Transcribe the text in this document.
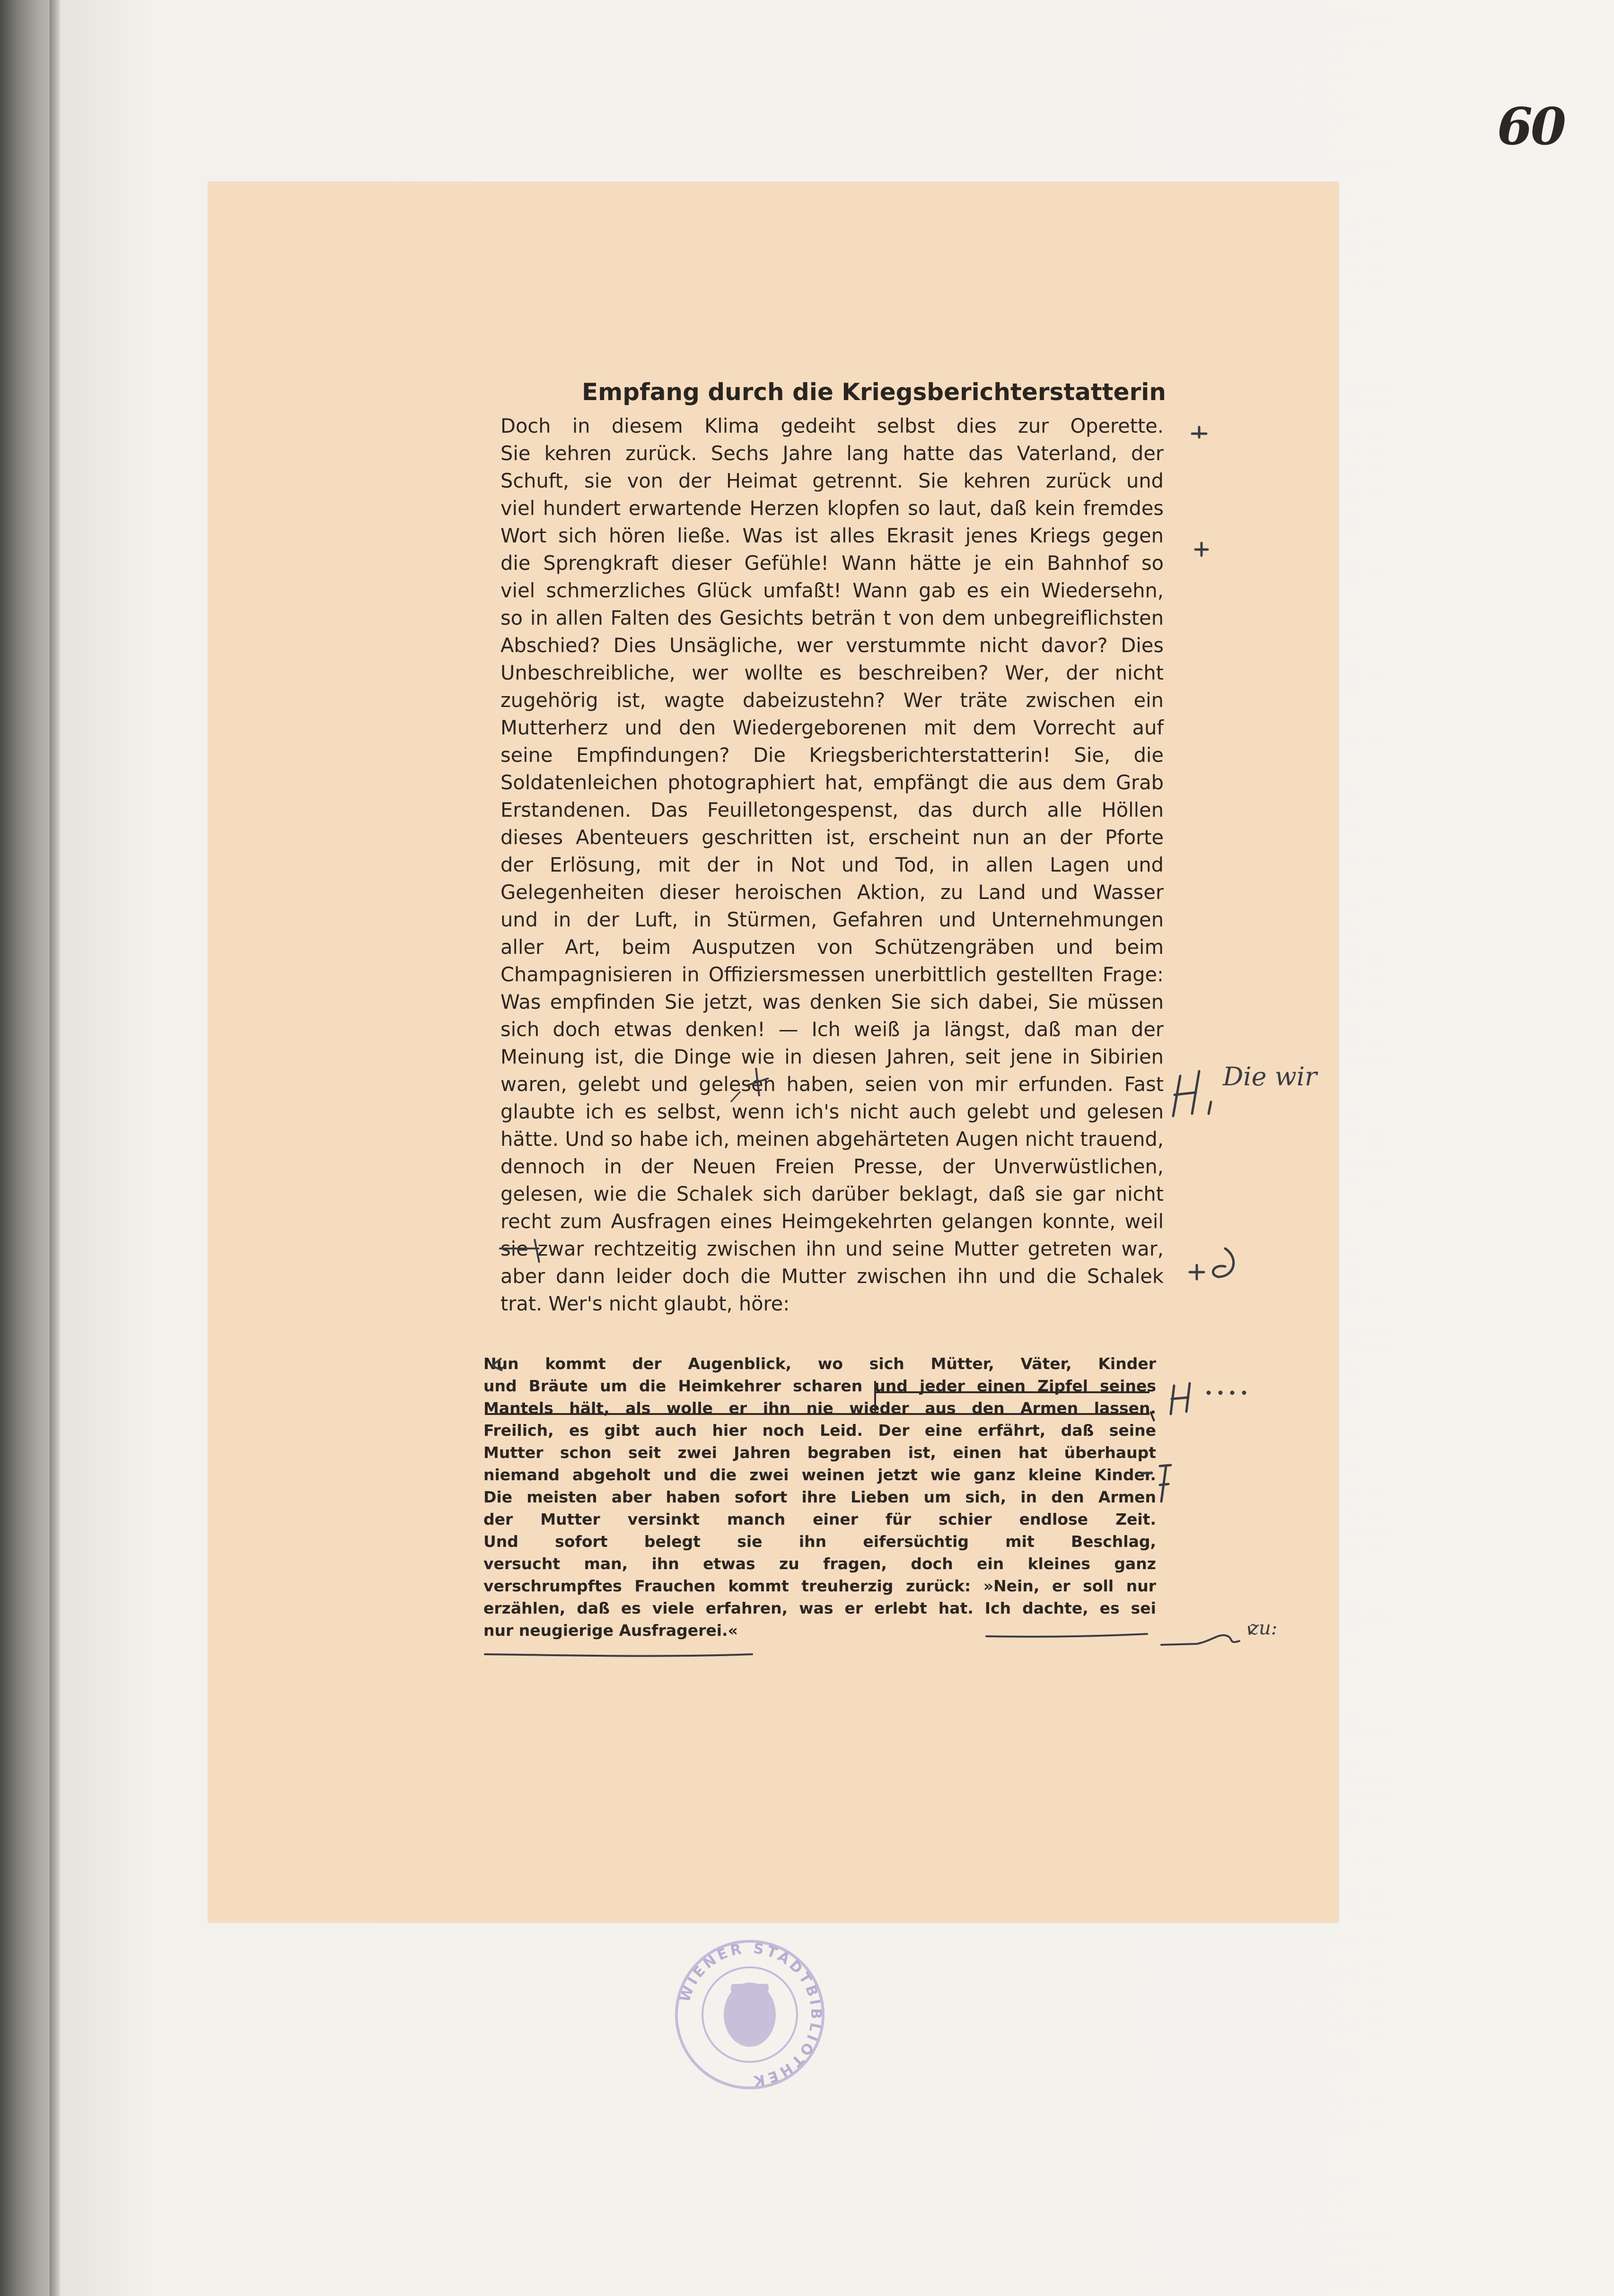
60
Empfang durch die Kriegsberichterstatterin
Doch in diesem Klima gedeiht selbst dies zur Operette.
Sie kehren zurück. Sechs Jahre lang hatte das Vaterland, der
Schuft, sie von der Heimat getrennt. Sie kehren zurück und
viel hundert erwartende Herzen klopfen so laut, daß kein fremdes
Wort sich hören ließe. Was ist alles Ekrasit jenes Kriegs gegen
die Sprengkraft dieser Gefühle! Wann hätte je ein Bahnhof so
viel schmerzliches Glück umfaßt! Wann gab es ein Wiedersehn,
so in allen Falten des Gesichts beträn t von dem unbegreiflichsten
Abschied? Dies Unsägliche, wer verstummte nicht davor? Dies
Unbeschreibliche, wer wollte es beschreiben? Wer, der nicht
zugehörig ist, wagte dabeizustehn? Wer träte zwischen ein
Mutterherz und den Wiedergeborenen mit dem Vorrecht auf
seine Empfindungen? Die Kriegsberichterstatterin! Sie, die
Soldatenleichen photographiert hat, empfängt die aus dem Grab
Erstandenen. Das Feuilletongespenst, das durch alle Höllen
dieses Abenteuers geschritten ist, erscheint nun an der Pforte
der Erlösung, mit der in Not und Tod, in allen Lagen und
Gelegenheiten dieser heroischen Aktion, zu Land und Wasser
und in der Luft, in Stürmen, Gefahren und Unternehmungen
aller Art, beim Ausputzen von Schützengräben und beim
Champagnisieren in Offiziersmessen unerbittlich gestellten Frage:
Was empfinden Sie jetzt, was denken Sie sich dabei, Sie müssen
sich doch etwas denken! — Ich weiß ja längst, daß man der
Meinung ist, die Dinge wie in diesen Jahren, seit jene in Sibirien
waren, gelebt und gelesen haben, seien von mir erfunden. Fast
glaubte ich es selbst, wenn ich's nicht auch gelebt und gelesen
hätte. Und so habe ich, meinen abgehärteten Augen nicht trauend,
dennoch in der Neuen Freien Presse, der Unverwüstlichen,
gelesen, wie die Schalek sich darüber beklagt, daß sie gar nicht
recht zum Ausfragen eines Heimgekehrten gelangen konnte, weil
sie zwar rechtzeitig zwischen ihn und seine Mutter getreten war,
aber dann leider doch die Mutter zwischen ihn und die Schalek
trat. Wer's nicht glaubt, höre:
Nun kommt der Augenblick, wo sich Mütter, Väter, Kinder
und Bräute um die Heimkehrer scharen und jeder einen Zipfel seines
Mantels hält, als wolle er ihn nie wieder aus den Armen lassen.
Freilich, es gibt auch hier noch Leid. Der eine erfährt, daß seine
Mutter schon seit zwei Jahren begraben ist, einen hat überhaupt
niemand abgeholt und die zwei weinen jetzt wie ganz kleine Kinder.
Die meisten aber haben sofort ihre Lieben um sich, in den Armen
der Mutter versinkt manch einer für schier endlose Zeit.
Und sofort belegt sie ihn eifersüchtig mit Beschlag,
versucht man, ihn etwas zu fragen, doch ein kleines ganz
verschrumpftes Frauchen kommt treuherzig zurück: »Nein, er soll nur
erzählen, daß es viele erfahren, was er erlebt hat. Ich dachte, es sei
nur neugierige Ausfragerei.«
WIENER STADTBIBLIOTHEK
Die wir
zu:
